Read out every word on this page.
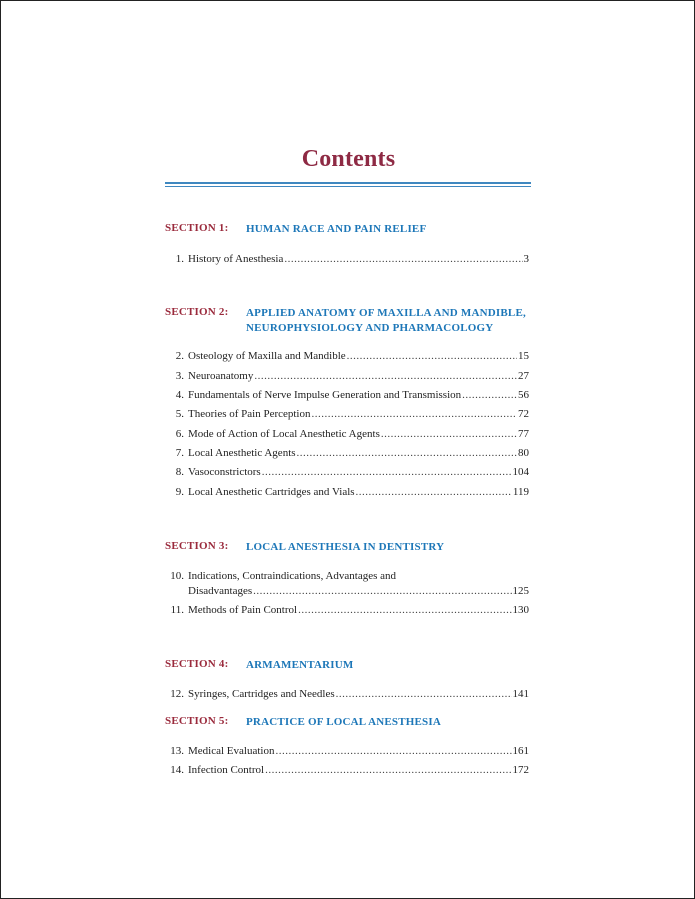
Contents
SECTION 1: HUMAN RACE AND PAIN RELIEF
1. History of Anesthesia .....	3
SECTION 2: APPLIED ANATOMY OF MAXILLA AND MANDIBLE,
NEUROPHYSIOLOGY AND PHARMACOLOGY
2. Osteology of Maxilla and Mandible .....	15
3. Neuroanatomy .....	27
4. Fundamentals of Nerve Impulse Generation and Transmission .....	56
5. Theories of Pain Perception .....	72
6. Mode of Action of Local Anesthetic Agents .....	77
7. Local Anesthetic Agents .....	80
8. Vasoconstrictors .....	104
9. Local Anesthetic Cartridges and Vials .....	119
SECTION 3: LOCAL ANESTHESIA IN DENTISTRY
10. Indications, Contraindications, Advantages and
Disadvantages .....	125
11. Methods of Pain Control .....	130
SECTION 4: ARMAMENTARIUM
12. Syringes, Cartridges and Needles .....	141
SECTION 5: PRACTICE OF LOCAL ANESTHESIA
13. Medical Evaluation .....	161
14. Infection Control .....	172
